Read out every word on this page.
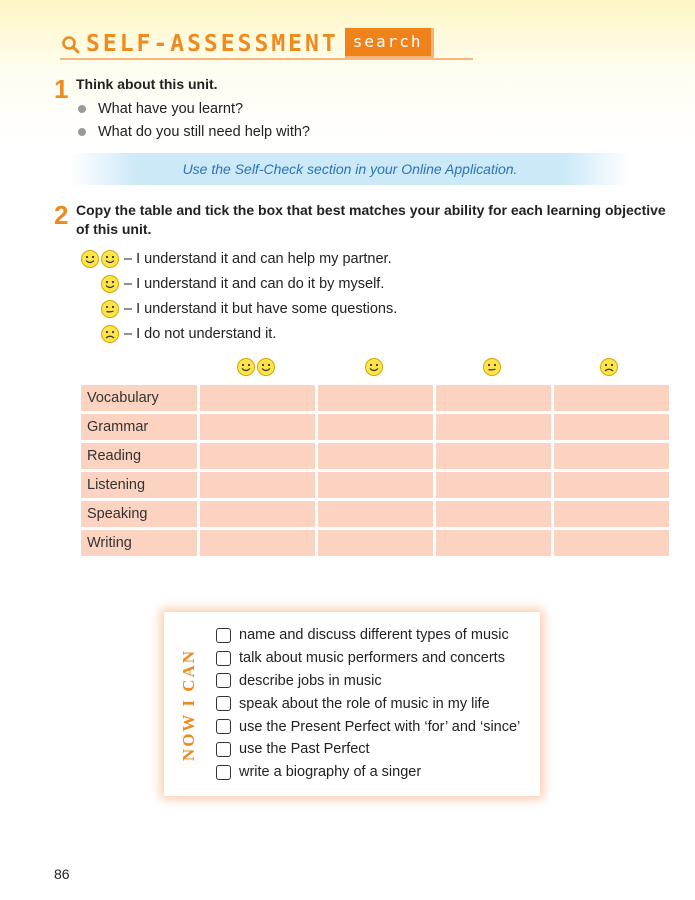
SELF-ASSESSMENT search
1 Think about this unit.
What have you learnt?
What do you still need help with?
Use the Self-Check section in your Online Application.
2 Copy the table and tick the box that best matches your ability for each learning objective
of this unit.
– I understand it and can help my partner.
– I understand it and can do it by myself.
– I understand it but have some questions.
– I do not understand it.
Vocabulary				
Grammar				
Reading				
Listening				
Speaking				
Writing				
NOW I CAN
name and discuss different types of music
talk about music performers and concerts
describe jobs in music
speak about the role of music in my life
use the Present Perfect with ‘for’ and ‘since’
use the Past Perfect
write a biography of a singer
86
